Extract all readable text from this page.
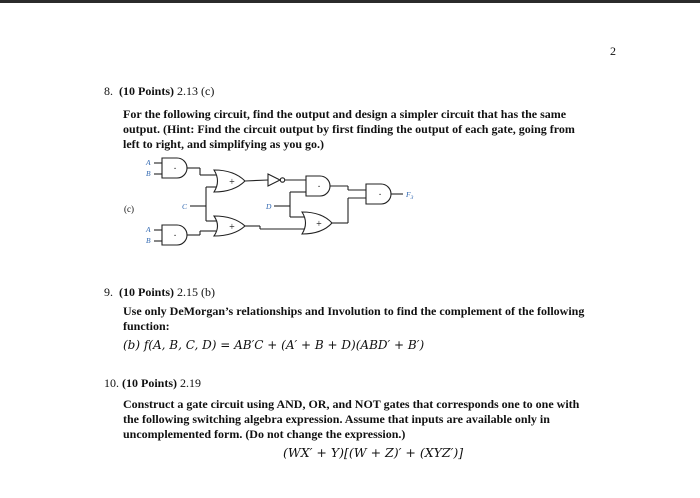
2
8. (10 Points) 2.13 (c)
For the following circuit, find the output and design a simpler circuit that has the same
output. (Hint: Find the circuit output by first finding the output of each gate, going from
left to right, and simplifying as you go.)
·
+	·
·
+
·
+
(c)
A
B
C	D
A
B
$F_3$
9. (10 Points) 2.15 (b)
Use only DeMorgan’s relationships and Involution to find the complement of the following
function:
(b) f(A, B, C, D) = AB′C + (A′ + B + D)(ABD′ + B′)
10. (10 Points) 2.19
Construct a gate circuit using AND, OR, and NOT gates that corresponds one to one with
the following switching algebra expression. Assume that inputs are available only in
uncomplemented form. (Do not change the expression.)
(WX′ + Y)[(W + Z)′ + (XYZ′)]
